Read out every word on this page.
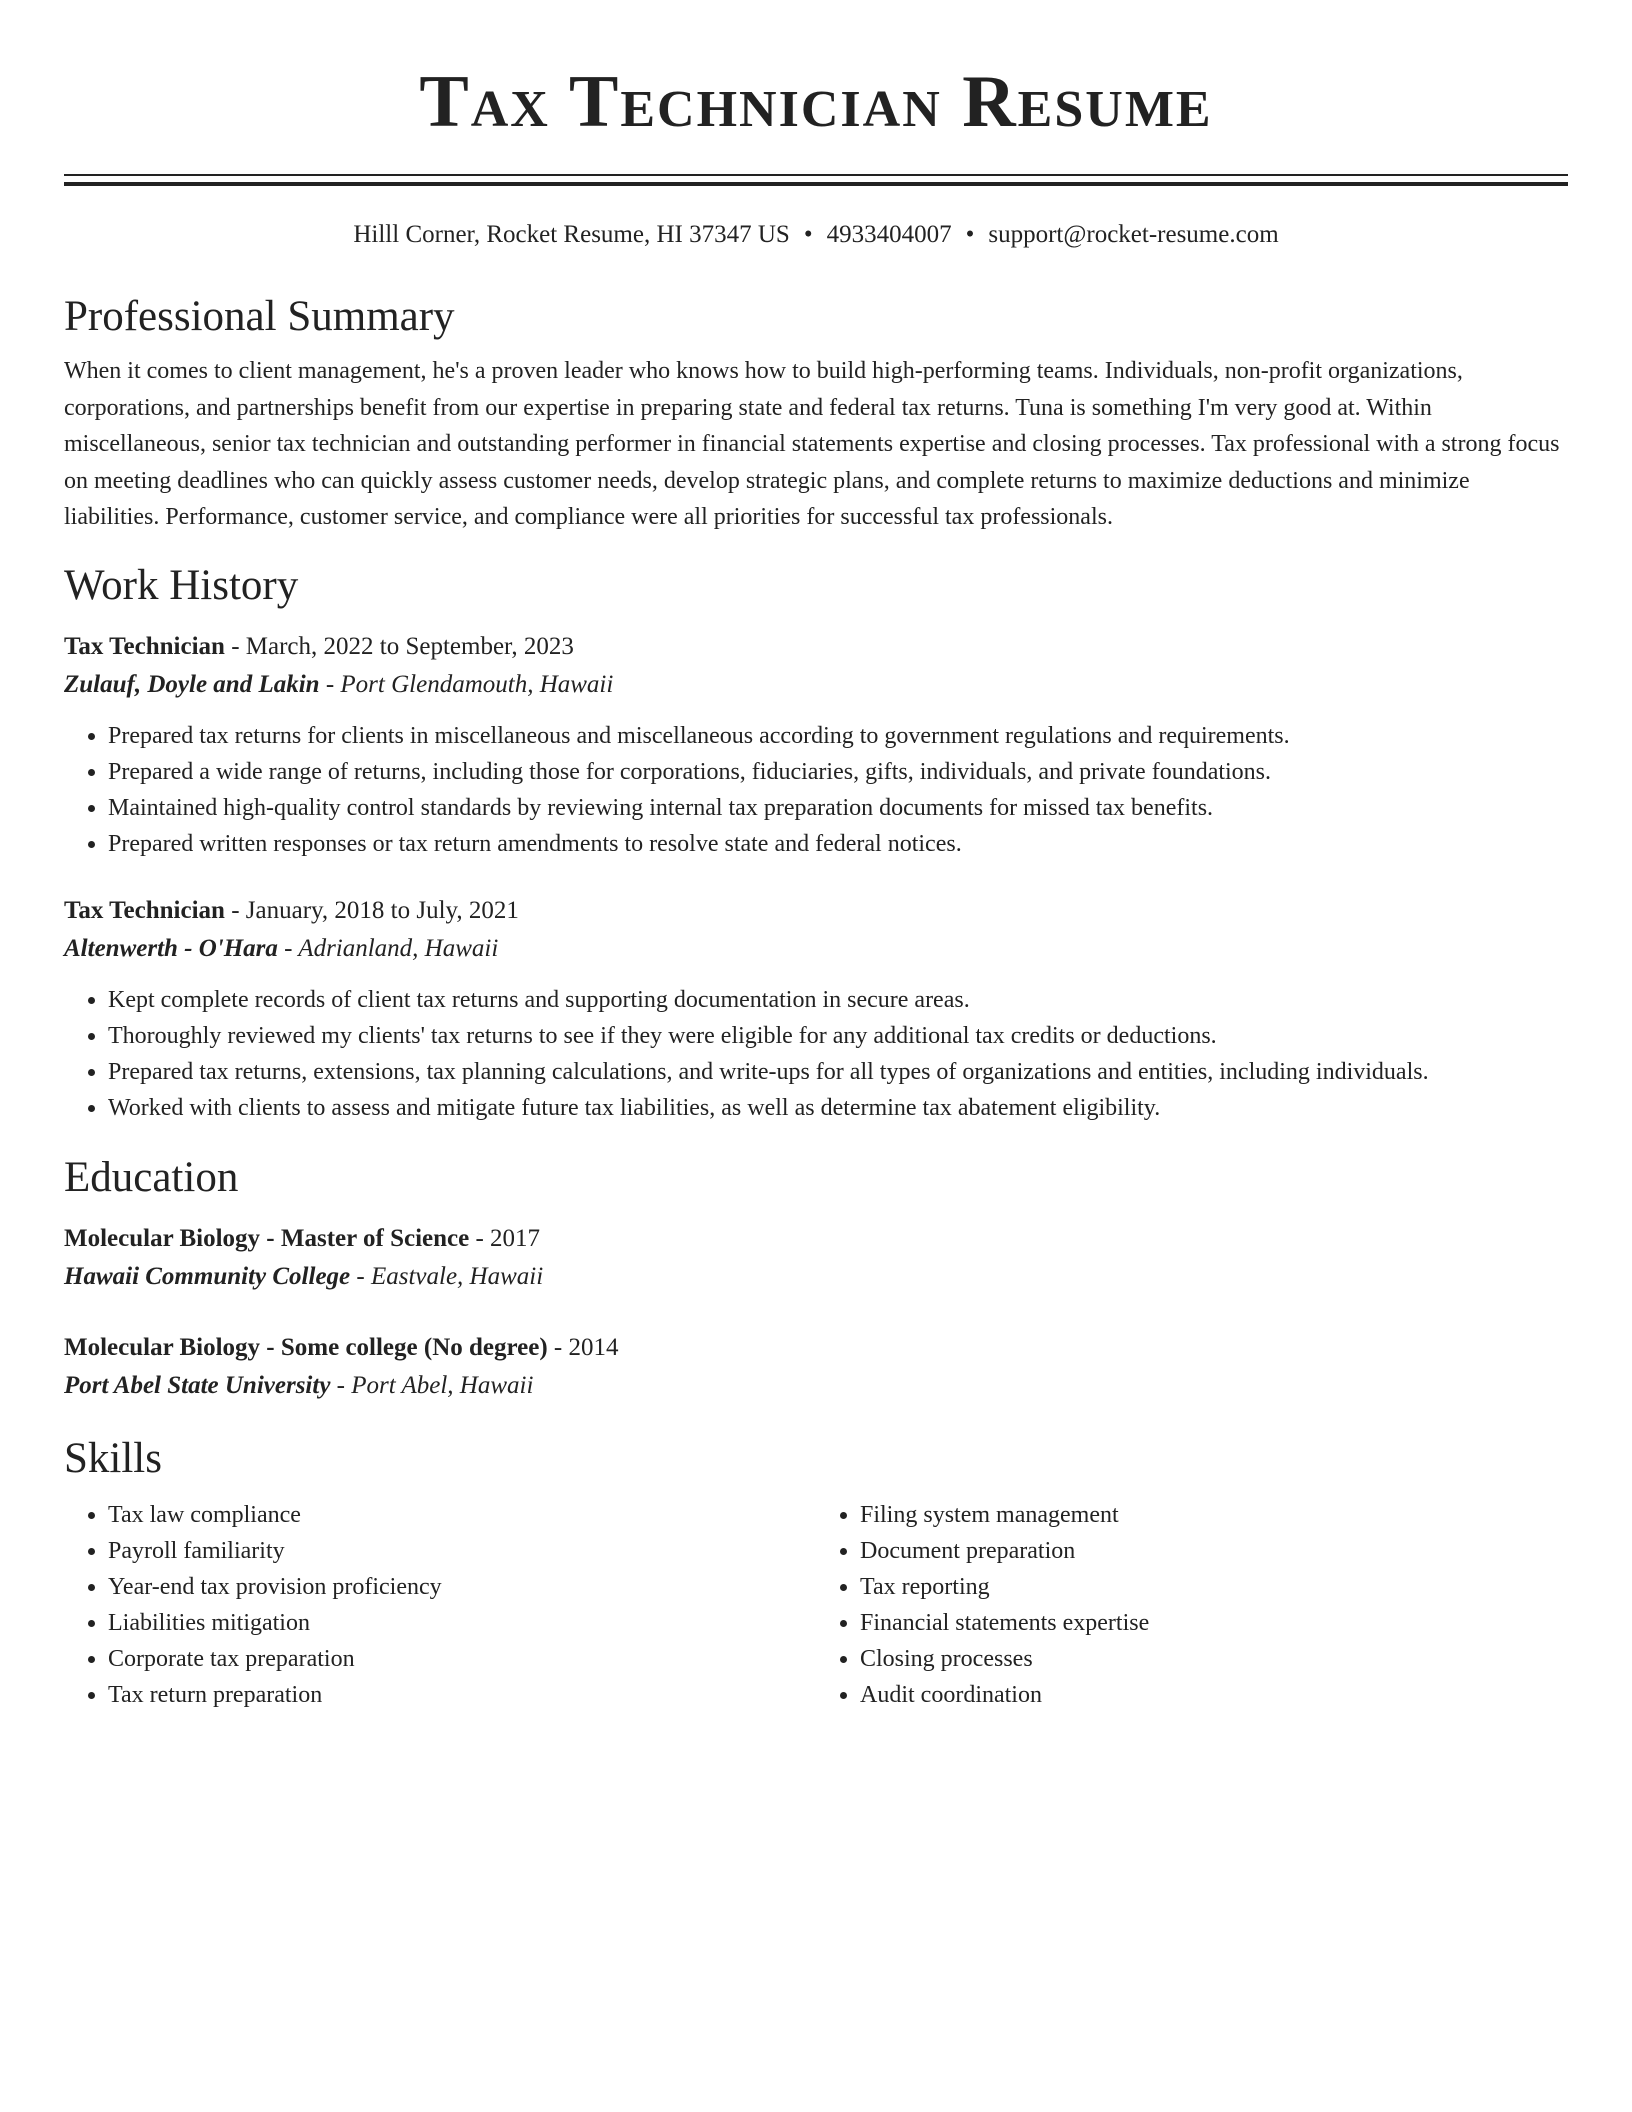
Tax Technician Resume
Hilll Corner, Rocket Resume, HI 37347 US • 4933404007 • support@rocket-resume.com
Professional Summary

When it comes to client management, he's a proven leader who knows how to build high-performing teams. Individuals, non-profit organizations, corporations, and partnerships benefit from our expertise in preparing state and federal tax returns. Tuna is something I'm very good at. Within miscellaneous, senior tax technician and outstanding performer in financial statements expertise and closing processes. Tax professional with a strong focus on meeting deadlines who can quickly assess customer needs, develop strategic plans, and complete returns to maximize deductions and minimize liabilities. Performance, customer service, and compliance were all priorities for successful tax professionals.

Work History
Tax Technician - March, 2022 to September, 2023
Zulauf, Doyle and Lakin - Port Glendamouth, Hawaii
• Prepared tax returns for clients in miscellaneous and miscellaneous according to government regulations and requirements.
• Prepared a wide range of returns, including those for corporations, fiduciaries, gifts, individuals, and private foundations.
• Maintained high-quality control standards by reviewing internal tax preparation documents for missed tax benefits.
• Prepared written responses or tax return amendments to resolve state and federal notices.
Tax Technician - January, 2018 to July, 2021
Altenwerth - O'Hara - Adrianland, Hawaii
• Kept complete records of client tax returns and supporting documentation in secure areas.
• Thoroughly reviewed my clients' tax returns to see if they were eligible for any additional tax credits or deductions.
• Prepared tax returns, extensions, tax planning calculations, and write-ups for all types of organizations and entities, including individuals.
• Worked with clients to assess and mitigate future tax liabilities, as well as determine tax abatement eligibility.
Education
Molecular Biology - Master of Science - 2017
Hawaii Community College - Eastvale, Hawaii
Molecular Biology - Some college (No degree) - 2014
Port Abel State University - Port Abel, Hawaii
Skills
• Tax law compliance
• Payroll familiarity
• Year-end tax provision proficiency
• Liabilities mitigation
• Corporate tax preparation
• Tax return preparation
• Filing system management
• Document preparation
• Tax reporting
• Financial statements expertise
• Closing processes
• Audit coordination
